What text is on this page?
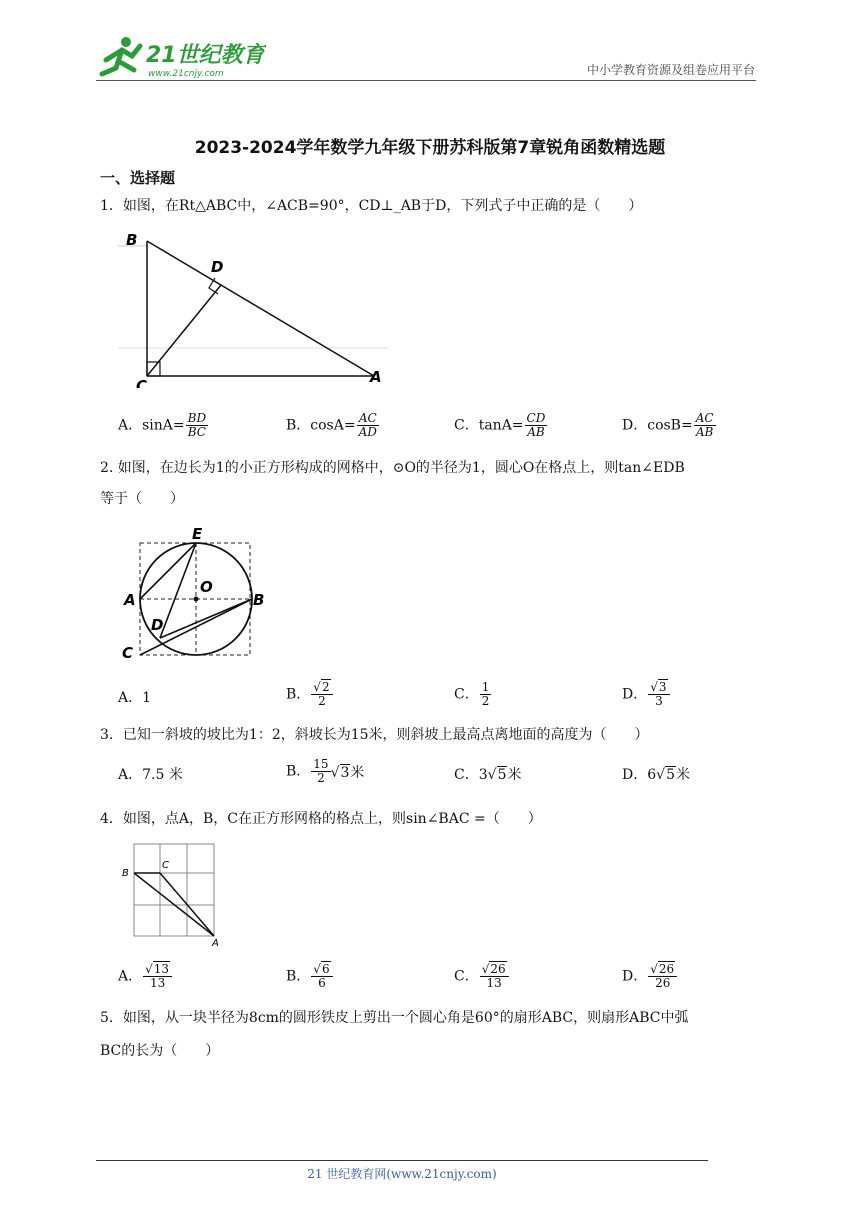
21世纪教育
www.21cnjy.com	中小学教育资源及组卷应用平台
2023-2024学年数学九年级下册苏科版第7章锐角函数精选题
一、选择题
1．如图，在Rt△ABC中，∠ACB=90°，CD⊥_AB于D，下列式子中正确的是（　　）
B
D
C	A
A．$\sin A= \frac{BD}{BC}$	B．$\cos A= \frac{AC}{AD}$	C．$\tan A= \frac{CD}{AB}$	D．$\cos B= \frac{AC}{AB}$
2. 如图，在边长为1的小正方形构成的网格中，⊙O的半径为1，圆心O在格点上，则tan∠EDB
等于（　　）
E
O
A	B
D
C
A．1	B． $\frac{√2}{2}$	C． $\frac{1}{2}$	D． $\frac{√3}{3}$
3．已知一斜坡的坡比为1：2，斜坡长为15米，则斜坡上最高点离地面的高度为（　　）
A．7.5 米	B． $\frac{15}{2} √3$米	C．3√5米	D．6√5米
4．如图，点A，B，C在正方形网格的格点上，则sin∠BAC =（　　）
B
C
A
A． $\frac{√13}{13}$	B． $\frac{√6}{6}$	C． $\frac{√26}{13}$	D． $\frac{√26}{26}$
5．如图，从一块半径为8cm的圆形铁皮上剪出一个圆心角是60°的扇形ABC，则扇形ABC中弧
BC的长为（　　）
21 世纪教育网(www.21cnjy.com)
